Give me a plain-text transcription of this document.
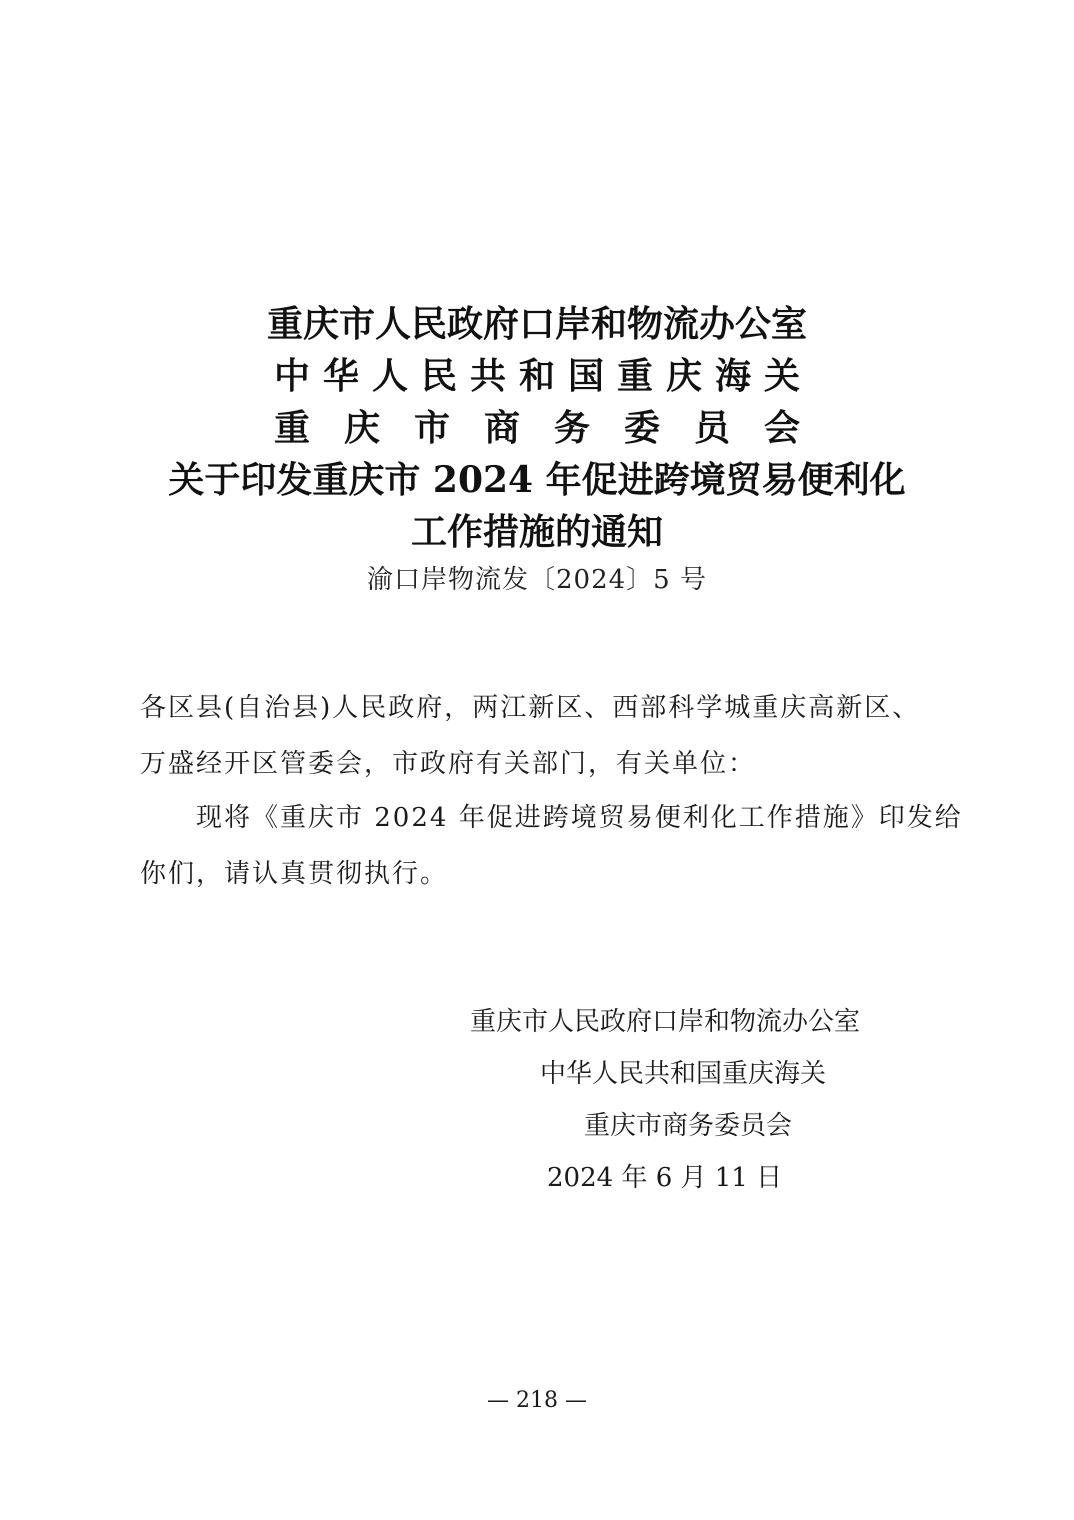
重庆市人民政府口岸和物流办公室
中华人民共和国重庆海关
重庆市商务委员会
关于印发重庆市 2024 年促进跨境贸易便利化
工作措施的通知
渝口岸物流发〔2024〕5 号
各区县(自治县)人民政府，两江新区、西部科学城重庆高新区、
万盛经开区管委会，市政府有关部门，有关单位：
现将《重庆市 2024 年促进跨境贸易便利化工作措施》印发给
你们，请认真贯彻执行。
重庆市人民政府口岸和物流办公室
中华人民共和国重庆海关
重庆市商务委员会
2024 年 6 月 11 日
— 218 —
